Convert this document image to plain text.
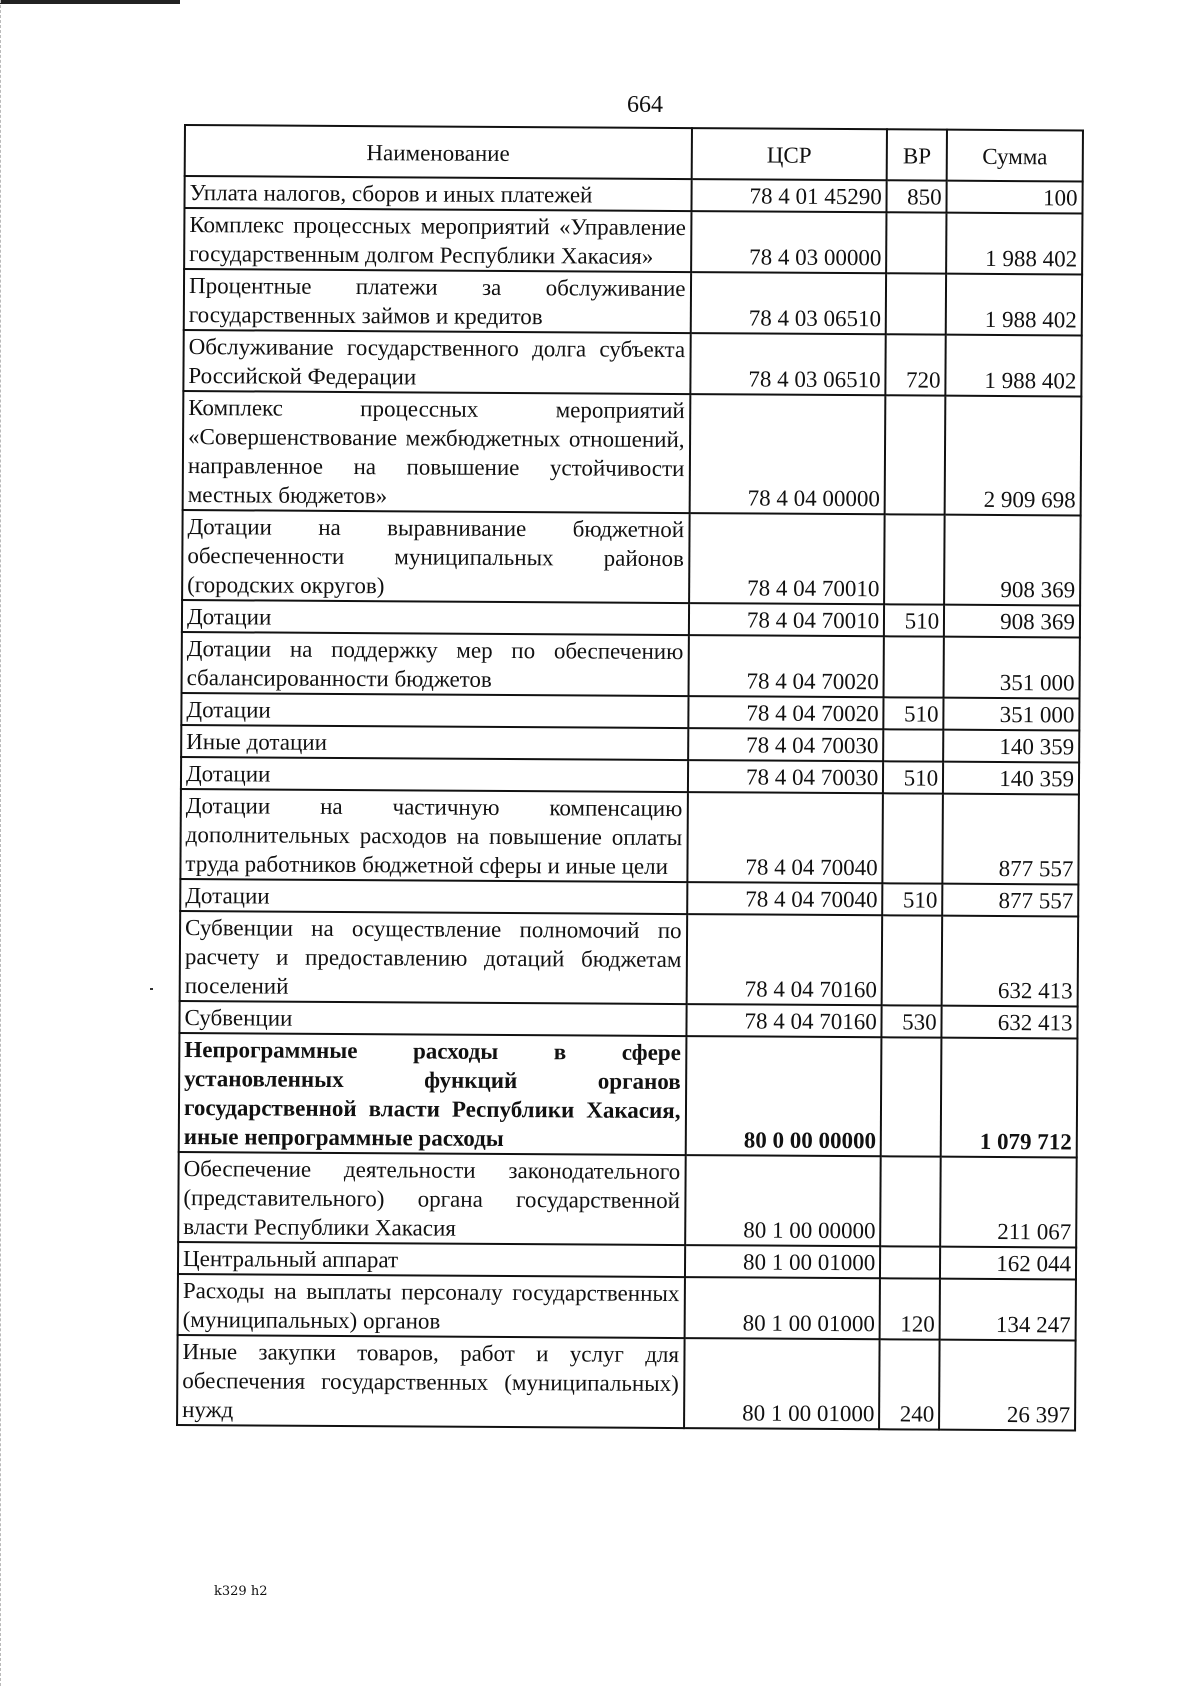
664
Наименование	ЦСР	ВР	Сумма
Уплата налогов, сборов и иных платежей	78 4 01 45290	850	100
Комплекс процессных мероприятий «Управление государственным долгом Республики Хакасия»	78 4 03 00000		1 988 402
Процентные платежи за обслуживание государственных займов и кредитов	78 4 03 06510		1 988 402
Обслуживание государственного долга субъекта Российской Федерации	78 4 03 06510	720	1 988 402
Комплекс процессных мероприятий «Совершенствование межбюджетных отношений, направленное на повышение устойчивости местных бюджетов»	78 4 04 00000		2 909 698
Дотации на выравнивание бюджетной обеспеченности муниципальных районов (городских округов)	78 4 04 70010		908 369
Дотации	78 4 04 70010	510	908 369
Дотации на поддержку мер по обеспечению сбалансированности бюджетов	78 4 04 70020		351 000
Дотации	78 4 04 70020	510	351 000
Иные дотации	78 4 04 70030		140 359
Дотации	78 4 04 70030	510	140 359
Дотации на частичную компенсацию дополнительных расходов на повышение оплаты труда работников бюджетной сферы и иные цели	78 4 04 70040		877 557
Дотации	78 4 04 70040	510	877 557
Субвенции на осуществление полномочий по расчету и предоставлению дотаций бюджетам поселений	78 4 04 70160		632 413
Субвенции	78 4 04 70160	530	632 413
Непрограммные расходы в сфере установленных функций органов государственной власти Республики Хакасия, иные непрограммные расходы	80 0 00 00000		1 079 712
Обеспечение деятельности законодательного (представительного) органа государственной власти Республики Хакасия	80 1 00 00000		211 067
Центральный аппарат	80 1 00 01000		162 044
Расходы на выплаты персоналу государственных (муниципальных) органов	80 1 00 01000	120	134 247
Иные закупки товаров, работ и услуг для обеспечения государственных (муниципальных) нужд	80 1 00 01000	240	26 397
k329 h2
